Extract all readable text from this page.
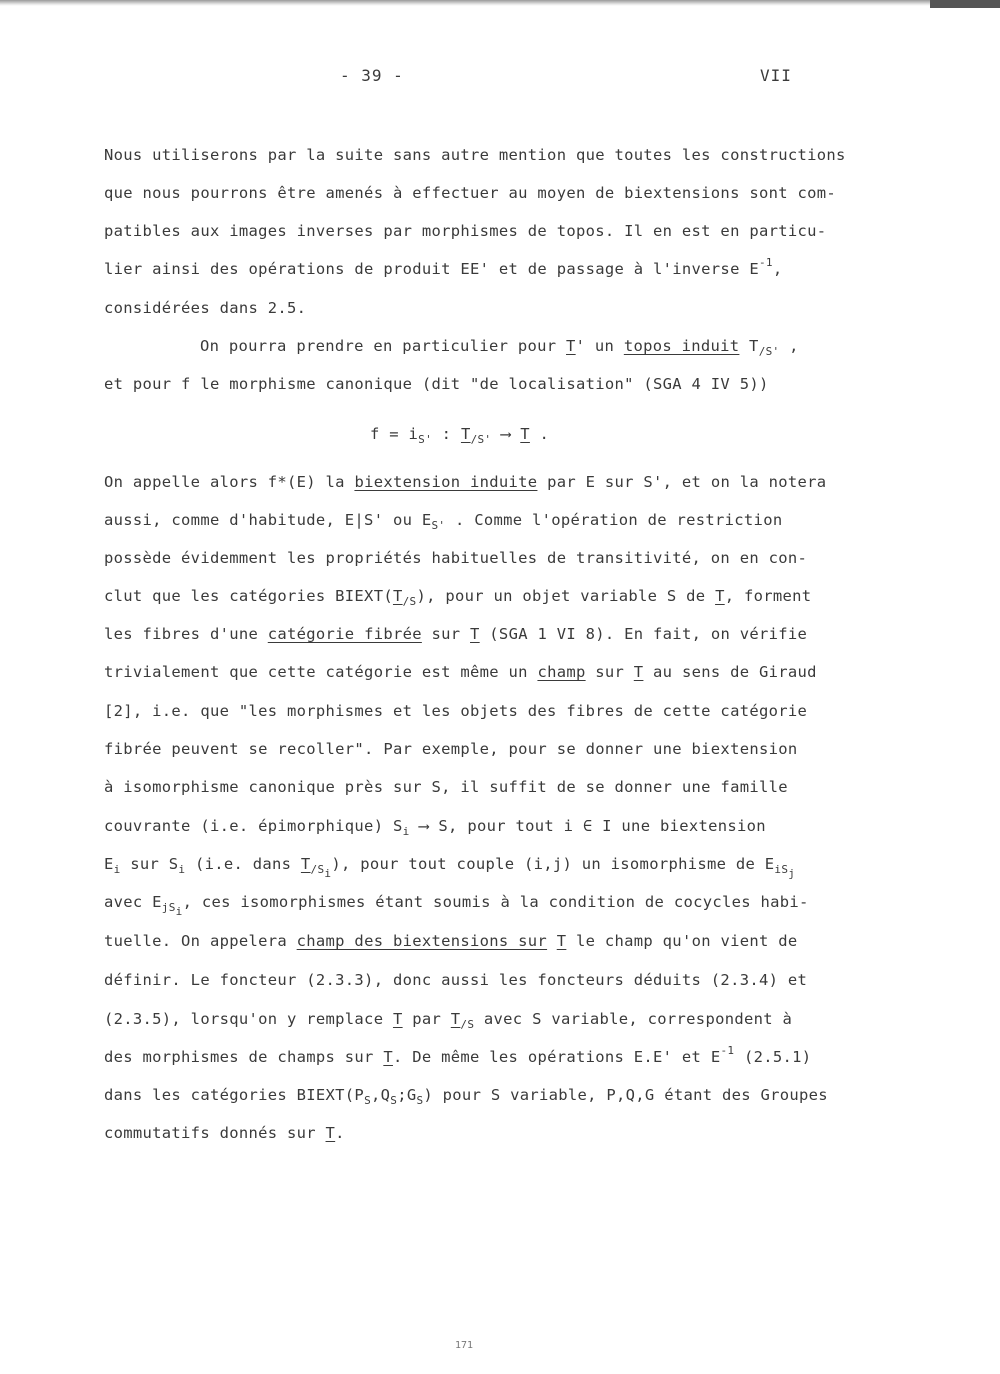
- 39 -	VII
Nous utiliserons par la suite sans autre mention que toutes les constructions
que nous pourrons être amenés à effectuer au moyen de biextensions sont com-
patibles aux images inverses par morphismes de topos. Il en est en particu-
lier ainsi des opérations de produit EE' et de passage à l'inverse $E^{-1}$,
considérées dans 2.5.
On pourra prendre en particulier pour T' un topos induit $T_{/S'}$ ,
et pour f le morphisme canonique (dit "de localisation" (SGA 4 IV 5))
$f = i_{S'}$ : $T_{/S'}$ ⟶ T .
On appelle alors f*(E) la biextension induite par E sur S', et on la notera
aussi, comme d'habitude, E|S' ou $E_{S'}$ . Comme l'opération de restriction
possède évidemment les propriétés habituelles de transitivité, on en con-
clut que les catégories $BIEXT(T_{/S})$, pour un objet variable S de T, forment
les fibres d'une catégorie fibrée sur T (SGA 1 VI 8). En fait, on vérifie
trivialement que cette catégorie est même un champ sur T au sens de Giraud
[2], i.e. que "les morphismes et les objets des fibres de cette catégorie
fibrée peuvent se recoller". Par exemple, pour se donner une biextension
à isomorphisme canonique près sur S, il suffit de se donner une famille
couvrante (i.e. épimorphique) $S_i$ ⟶ S, pour tout i ∈ I une biextension
$E_i$ sur $S_i$ (i.e. dans $T_{/S_i}$), pour tout couple (i,j) un isomorphisme de $E_{iS_j}$
avec $E_{jS_i}$, ces isomorphismes étant soumis à la condition de cocycles habi-
tuelle. On appelera champ des biextensions sur T le champ qu'on vient de
définir. Le foncteur (2.3.3), donc aussi les foncteurs déduits (2.3.4) et
(2.3.5), lorsqu'on y remplace T par $T_{/S}$ avec S variable, correspondent à
des morphismes de champs sur T. De même les opérations E.E' et $E^{-1}$ (2.5.1)
dans les catégories $BIEXT(P_S,Q_S;G_S)$ pour S variable, P,Q,G étant des Groupes
commutatifs donnés sur T.
171
